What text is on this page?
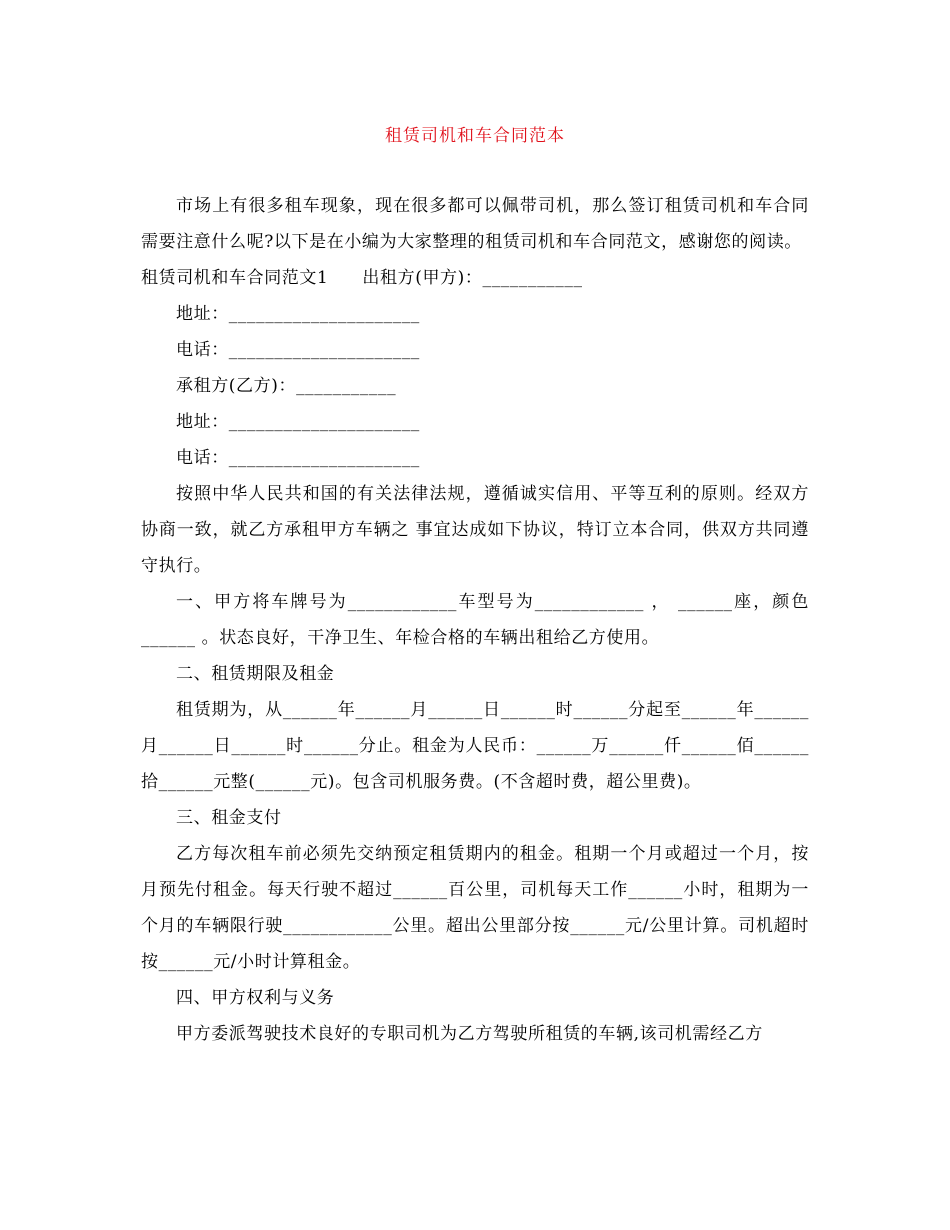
租赁司机和车合同范本

市场上有很多租车现象，现在很多都可以佩带司机，那么签订租赁司机和车合同需要注意什么呢?以下是在小编为大家整理的租赁司机和车合同范文，感谢您的阅读。

租赁司机和车合同范文1 出租方(甲方)：___________

地址：_____________________

电话：_____________________

承租方(乙方)：___________

地址：_____________________

电话：_____________________

按照中华人民共和国的有关法律法规，遵循诚实信用、平等互利的原则。经双方协商一致，就乙方承租甲方车辆之 事宜达成如下协议，特订立本合同，供双方共同遵守执行。

一、甲方将车牌号为____________车型号为____________ ， ______座，颜色______ 。状态良好，干净卫生、年检合格的车辆出租给乙方使用。

二、租赁期限及租金

租赁期为，从______年______月______日______时______分起至______年______月______日______时______分止。租金为人民币：______万______仟______佰______拾______元整(______元)。包含司机服务费。(不含超时费，超公里费)。

三、租金支付

乙方每次租车前必须先交纳预定租赁期内的租金。租期一个月或超过一个月，按月预先付租金。每天行驶不超过______百公里，司机每天工作______小时，租期为一个月的车辆限行驶____________公里。超出公里部分按______元/公里计算。司机超时按______元/小时计算租金。

四、甲方权利与义务

甲方委派驾驶技术良好的专职司机为乙方驾驶所租赁的车辆,该司机需经乙方
